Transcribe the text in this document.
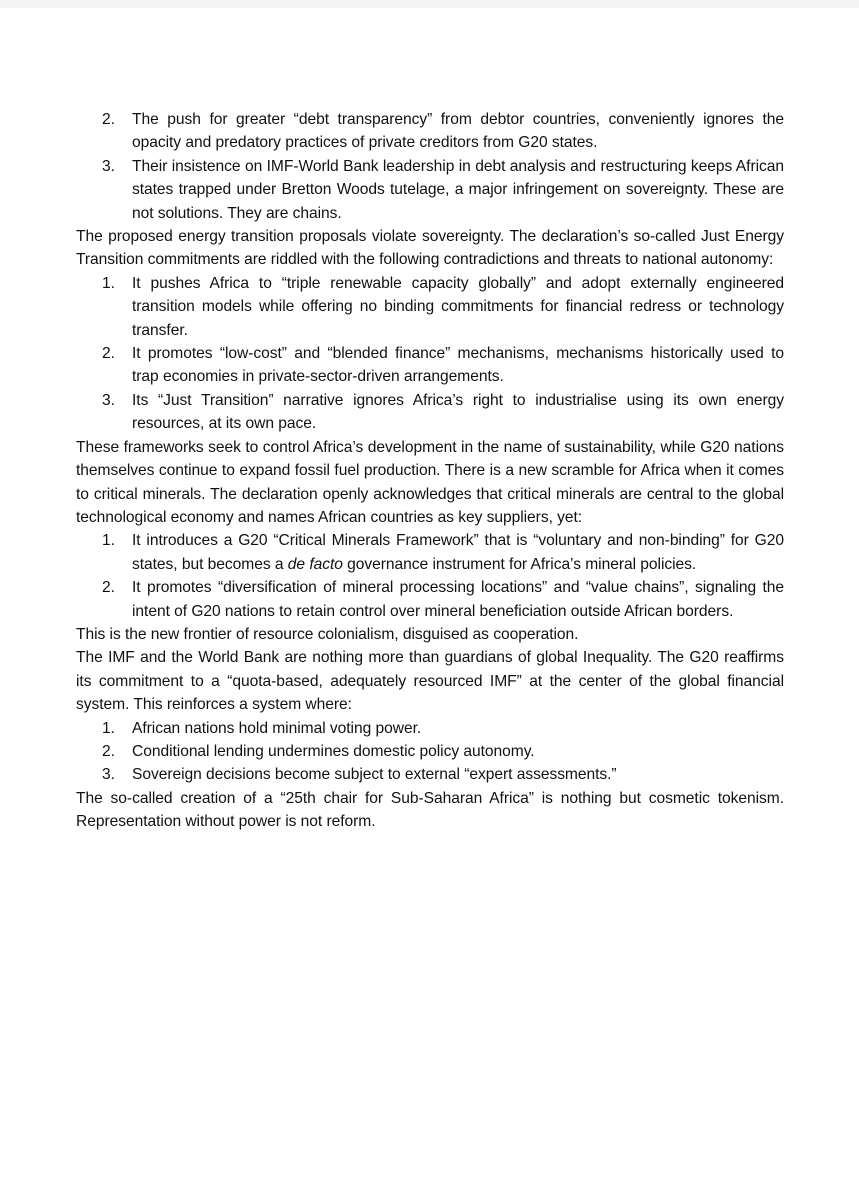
2.	The push for greater “debt transparency” from debtor countries, conveniently ignores the opacity and predatory practices of private creditors from G20 states.
3.	Their insistence on IMF-World Bank leadership in debt analysis and restructuring keeps African states trapped under Bretton Woods tutelage, a major infringement on sovereignty. These are not solutions. They are chains.

The proposed energy transition proposals violate sovereignty. The declaration’s so-called Just Energy Transition commitments are riddled with the following contradictions and threats to national autonomy:

1.	It pushes Africa to “triple renewable capacity globally” and adopt externally engineered transition models while offering no binding commitments for financial redress or technology transfer.
2.	It promotes “low-cost” and “blended finance” mechanisms, mechanisms historically used to trap economies in private-sector-driven arrangements.
3.	Its “Just Transition” narrative ignores Africa’s right to industrialise using its own energy resources, at its own pace.

These frameworks seek to control Africa’s development in the name of sustainability, while G20 nations themselves continue to expand fossil fuel production. There is a new scramble for Africa when it comes to critical minerals. The declaration openly acknowledges that critical minerals are central to the global technological economy and names African countries as key suppliers, yet:

1.	It introduces a G20 “Critical Minerals Framework” that is “voluntary and non-binding” for G20 states, but becomes a de facto governance instrument for Africa’s mineral policies.
2.	It promotes “diversification of mineral processing locations” and “value chains”, signaling the intent of G20 nations to retain control over mineral beneficiation outside African borders.

This is the new frontier of resource colonialism, disguised as cooperation.

The IMF and the World Bank are nothing more than guardians of global Inequality. The G20 reaffirms its commitment to a “quota-based, adequately resourced IMF” at the center of the global financial system. This reinforces a system where:

1.	African nations hold minimal voting power.
2.	Conditional lending undermines domestic policy autonomy.
3.	Sovereign decisions become subject to external “expert assessments.”

The so-called creation of a “25th chair for Sub-Saharan Africa” is nothing but cosmetic tokenism. Representation without power is not reform.
